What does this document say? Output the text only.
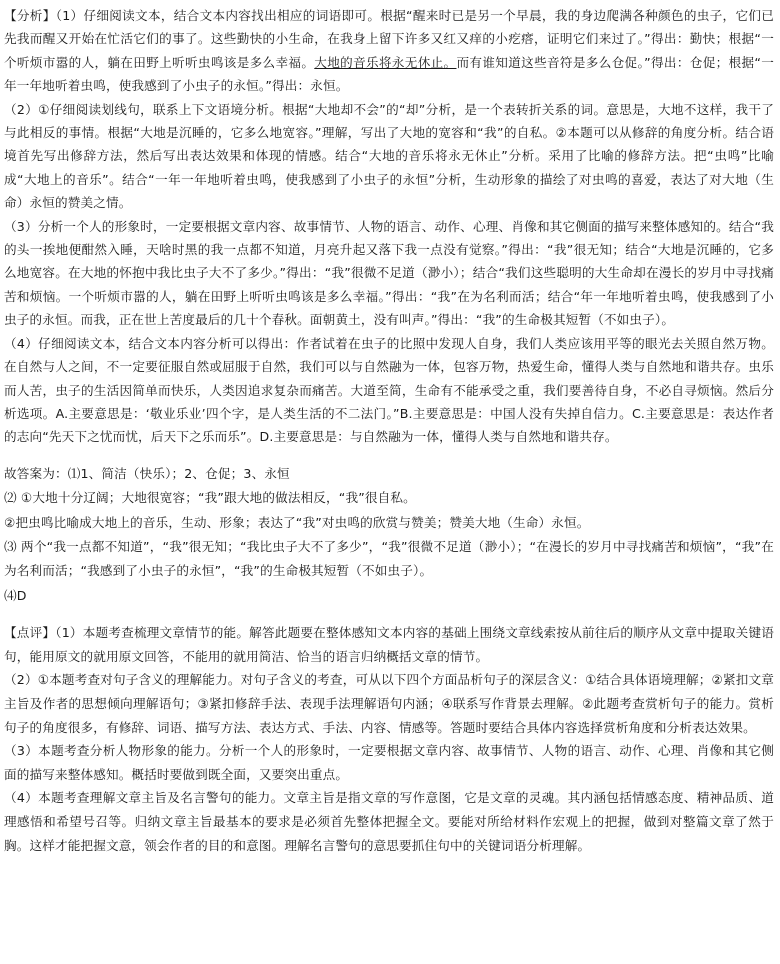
【分析】（1）仔细阅读文本，结合文本内容找出相应的词语即可。根据“醒来时已是另一个早晨，我的身边爬满各种颜色的虫子，它们已先我而醒又开始在忙活它们的事了。这些勤快的小生命，在我身上留下许多又红又痒的小疙瘩，证明它们来过了。”得出：勤快；根据“一个听烦市嚣的人，躺在田野上听听虫鸣该是多么幸福。大地的音乐将永无休止。而有谁知道这些音符是多么仓促。”得出：仓促；根据“一年一年地听着虫鸣，使我感到了小虫子的永恒。”得出：永恒。

（2）①仔细阅读划线句，联系上下文语境分析。根据“大地却不会”的“却”分析，是一个表转折关系的词。意思是，大地不这样，我干了与此相反的事情。根据“大地是沉睡的，它多么地宽容。”理解，写出了大地的宽容和“我”的自私。②本题可以从修辞的角度分析。结合语境首先写出修辞方法，然后写出表达效果和体现的情感。结合“大地的音乐将永无休止”分析。采用了比喻的修辞方法。把“虫鸣”比喻成“大地上的音乐”。结合“一年一年地听着虫鸣，使我感到了小虫子的永恒”分析，生动形象的描绘了对虫鸣的喜爱，表达了对大地（生命）永恒的赞美之情。

（3）分析一个人的形象时，一定要根据文章内容、故事情节、人物的语言、动作、心理、肖像和其它侧面的描写来整体感知的。结合“我的头一挨地便酣然入睡，天啥时黑的我一点都不知道，月亮升起又落下我一点没有觉察。”得出：“我”很无知；结合“大地是沉睡的，它多么地宽容。在大地的怀抱中我比虫子大不了多少。”得出：“我”很微不足道（渺小）；结合“我们这些聪明的大生命却在漫长的岁月中寻找痛苦和烦恼。一个听烦市嚣的人，躺在田野上听听虫鸣该是多么幸福。”得出：“我”在为名利而活；结合“年一年地听着虫鸣，使我感到了小虫子的永恒。而我，正在世上苦度最后的几十个春秋。面朝黄土，没有叫声。”得出：“我”的生命极其短暂（不如虫子）。

（4）仔细阅读文本，结合文本内容分析可以得出：作者试着在虫子的比照中发现人自身，我们人类应该用平等的眼光去关照自然万物。在自然与人之间，不一定要征服自然或屈服于自然，我们可以与自然融为一体，包容万物，热爱生命，懂得人类与自然地和谐共存。虫乐而人苦，虫子的生活因简单而快乐，人类因追求复杂而痛苦。大道至简，生命有不能承受之重，我们要善待自身，不必自寻烦恼。然后分析选项。A.主要意思是：‘敬业乐业’四个字，是人类生活的不二法门。”B.主要意思是：中国人没有失掉自信力。C.主要意思是：表达作者的志向“先天下之忧而忧，后天下之乐而乐”。D.主要意思是：与自然融为一体，懂得人类与自然地和谐共存。

故答案为：⑴1、简洁（快乐）；2、仓促；3、永恒

⑵ ①大地十分辽阔；大地很宽容；“我”跟大地的做法相反，“我”很自私。

②把虫鸣比喻成大地上的音乐，生动、形象；表达了“我”对虫鸣的欣赏与赞美；赞美大地（生命）永恒。

⑶ 两个“我一点都不知道”，“我”很无知；“我比虫子大不了多少”，“我”很微不足道（渺小）；“在漫长的岁月中寻找痛苦和烦恼”，“我”在为名利而活；“我感到了小虫子的永恒”，“我”的生命极其短暂（不如虫子）。

⑷D

【点评】（1）本题考查梳理文章情节的能。解答此题要在整体感知文本内容的基础上围绕文章线索按从前往后的顺序从文章中提取关键语句，能用原文的就用原文回答，不能用的就用简洁、恰当的语言归纳概括文章的情节。

（2）①本题考查对句子含义的理解能力。对句子含义的考查，可从以下四个方面品析句子的深层含义：①结合具体语境理解；②紧扣文章主旨及作者的思想倾向理解语句；③紧扣修辞手法、表现手法理解语句内涵；④联系写作背景去理解。②此题考查赏析句子的能力。赏析句子的角度很多，有修辞、词语、描写方法、表达方式、手法、内容、情感等。答题时要结合具体内容选择赏析角度和分析表达效果。

（3）本题考查分析人物形象的能力。分析一个人的形象时，一定要根据文章内容、故事情节、人物的语言、动作、心理、肖像和其它侧面的描写来整体感知。概括时要做到既全面，又要突出重点。

（4）本题考查理解文章主旨及名言警句的能力。文章主旨是指文章的写作意图，它是文章的灵魂。其内涵包括情感态度、精神品质、道理感悟和希望号召等。归纳文章主旨最基本的要求是必须首先整体把握全文。要能对所给材料作宏观上的把握，做到对整篇文章了然于胸。这样才能把握文意，领会作者的目的和意图。理解名言警句的意思要抓住句中的关键词语分析理解。
